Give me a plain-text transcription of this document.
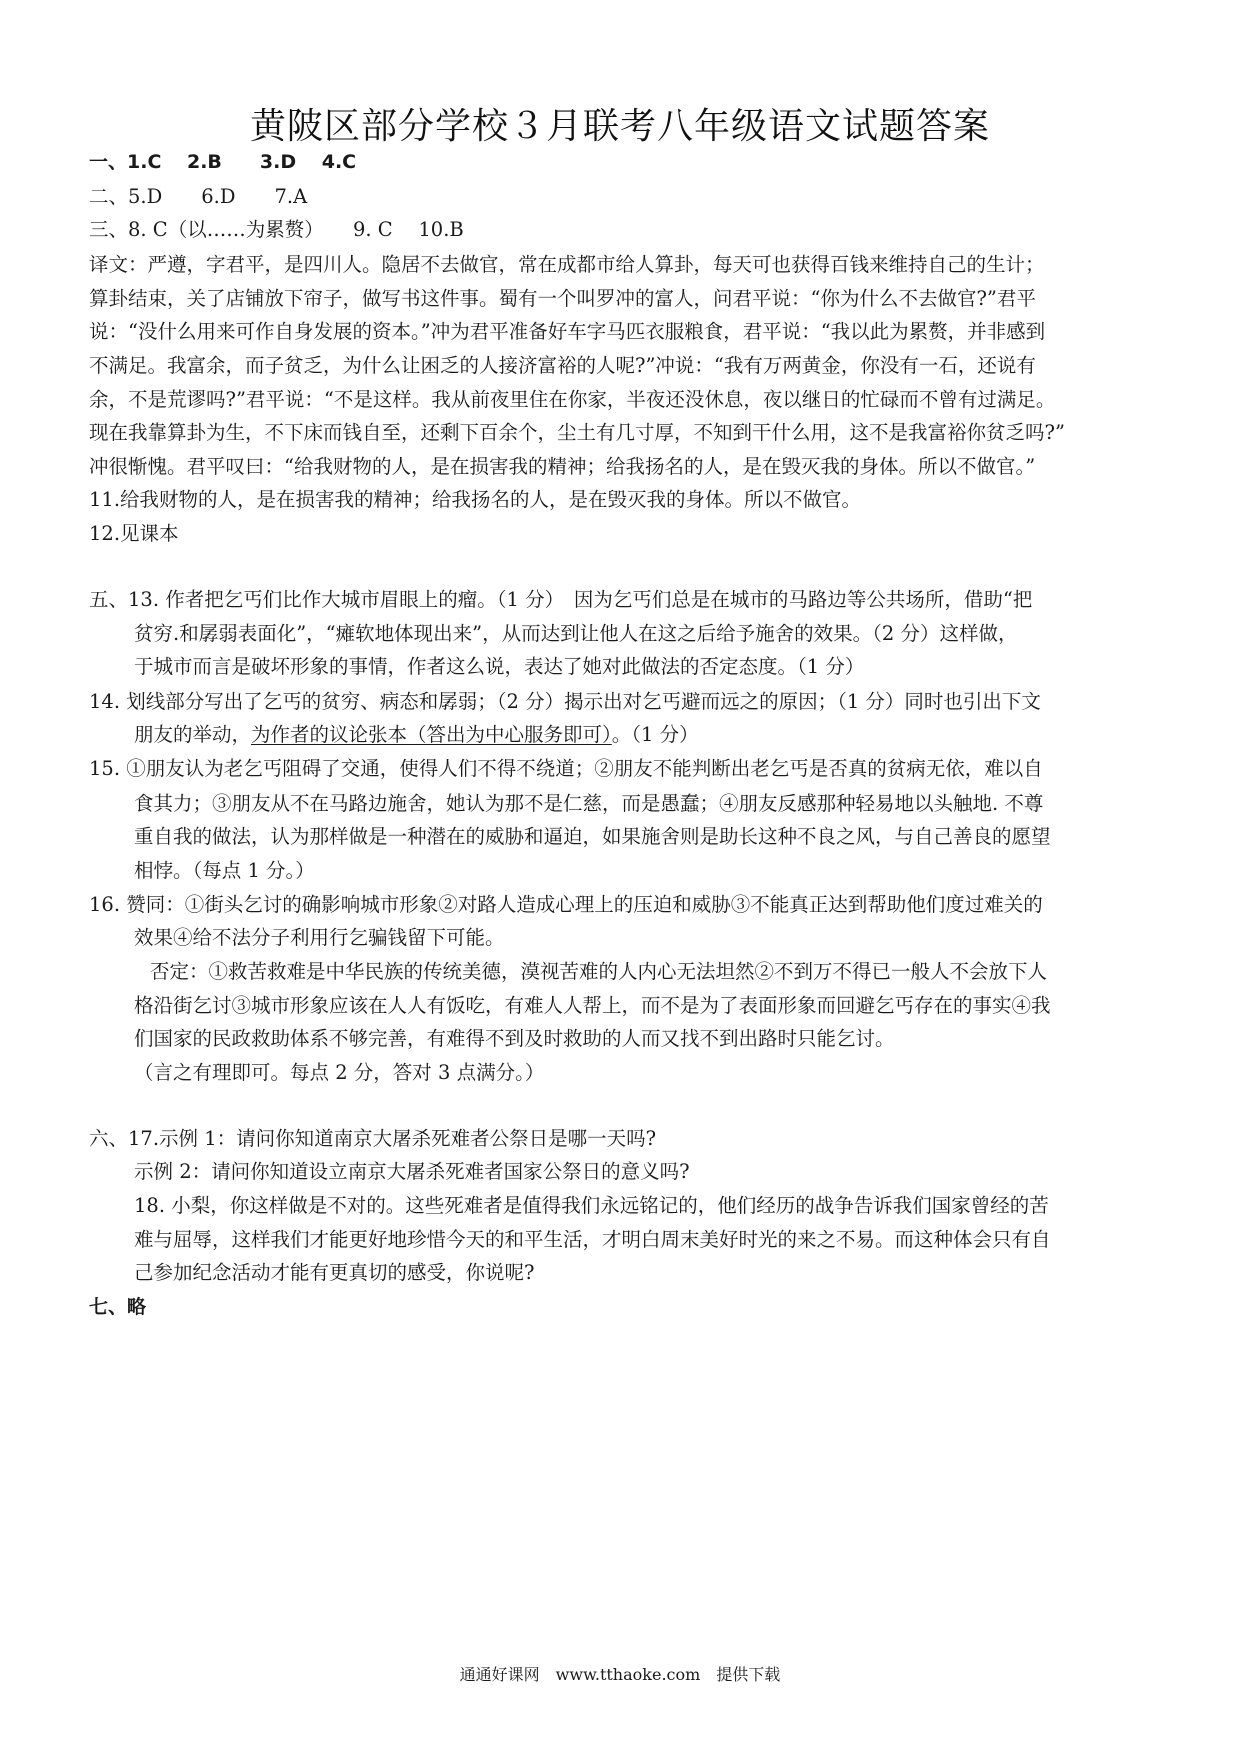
黄陂区部分学校３月联考八年级语文试题答案
一、1.C　 2.B　　3.D　 4.C
二、5.D　　6.D　　7.A
三、8. C（以……为累赘）　　9. C　 10.B
译文：严遵，字君平，是四川人。隐居不去做官，常在成都市给人算卦，每天可也获得百钱来维持自己的生计；
算卦结束，关了店铺放下帘子，做写书这件事。蜀有一个叫罗冲的富人，问君平说：“你为什么不去做官?”君平
说：“没什么用来可作自身发展的资本。”冲为君平准备好车字马匹衣服粮食，君平说：“我以此为累赘，并非感到
不满足。我富余，而子贫乏，为什么让困乏的人接济富裕的人呢?”冲说：“我有万两黄金，你没有一石，还说有
余，不是荒谬吗?”君平说：“不是这样。我从前夜里住在你家，半夜还没休息，夜以继日的忙碌而不曾有过满足。
现在我靠算卦为生，不下床而钱自至，还剩下百余个，尘土有几寸厚，不知到干什么用，这不是我富裕你贫乏吗?”
冲很惭愧。君平叹曰：“给我财物的人，是在损害我的精神；给我扬名的人，是在毁灭我的身体。所以不做官。”
11.给我财物的人，是在损害我的精神；给我扬名的人，是在毁灭我的身体。所以不做官。
12.见课本
五、13. 作者把乞丐们比作大城市眉眼上的瘤。（1 分）　因为乞丐们总是在城市的马路边等公共场所，借助“把
贫穷.和孱弱表面化”，“瘫软地体现出来”，从而达到让他人在这之后给予施舍的效果。（2 分）这样做，
于城市而言是破坏形象的事情，作者这么说，表达了她对此做法的否定态度。（1 分）
14. 划线部分写出了乞丐的贫穷、病态和孱弱；（2 分）揭示出对乞丐避而远之的原因；（1 分）同时也引出下文
朋友的举动，为作者的议论张本（答出为中心服务即可）。（1 分）
15. ①朋友认为老乞丐阻碍了交通，使得人们不得不绕道；②朋友不能判断出老乞丐是否真的贫病无依，难以自
食其力；③朋友从不在马路边施舍，她认为那不是仁慈，而是愚蠢；④朋友反感那种轻易地以头触地. 不尊
重自我的做法，认为那样做是一种潜在的威胁和逼迫，如果施舍则是助长这种不良之风，与自己善良的愿望
相悖。（每点 1 分。）
16. 赞同：①街头乞讨的确影响城市形象②对路人造成心理上的压迫和威胁③不能真正达到帮助他们度过难关的
效果④给不法分子利用行乞骗钱留下可能。
否定：①救苦救难是中华民族的传统美德，漠视苦难的人内心无法坦然②不到万不得已一般人不会放下人
格沿街乞讨③城市形象应该在人人有饭吃，有难人人帮上，而不是为了表面形象而回避乞丐存在的事实④我
们国家的民政救助体系不够完善，有难得不到及时救助的人而又找不到出路时只能乞讨。
（言之有理即可。每点 2 分，答对 3 点满分。）
六、17.示例 1：请问你知道南京大屠杀死难者公祭日是哪一天吗?
示例 2：请问你知道设立南京大屠杀死难者国家公祭日的意义吗?
18. 小梨，你这样做是不对的。这些死难者是值得我们永远铭记的，他们经历的战争告诉我们国家曾经的苦
难与屈辱，这样我们才能更好地珍惜今天的和平生活，才明白周末美好时光的来之不易。而这种体会只有自
己参加纪念活动才能有更真切的感受，你说呢?
七、略
通通好课网　www.tthaoke.com　提供下载
